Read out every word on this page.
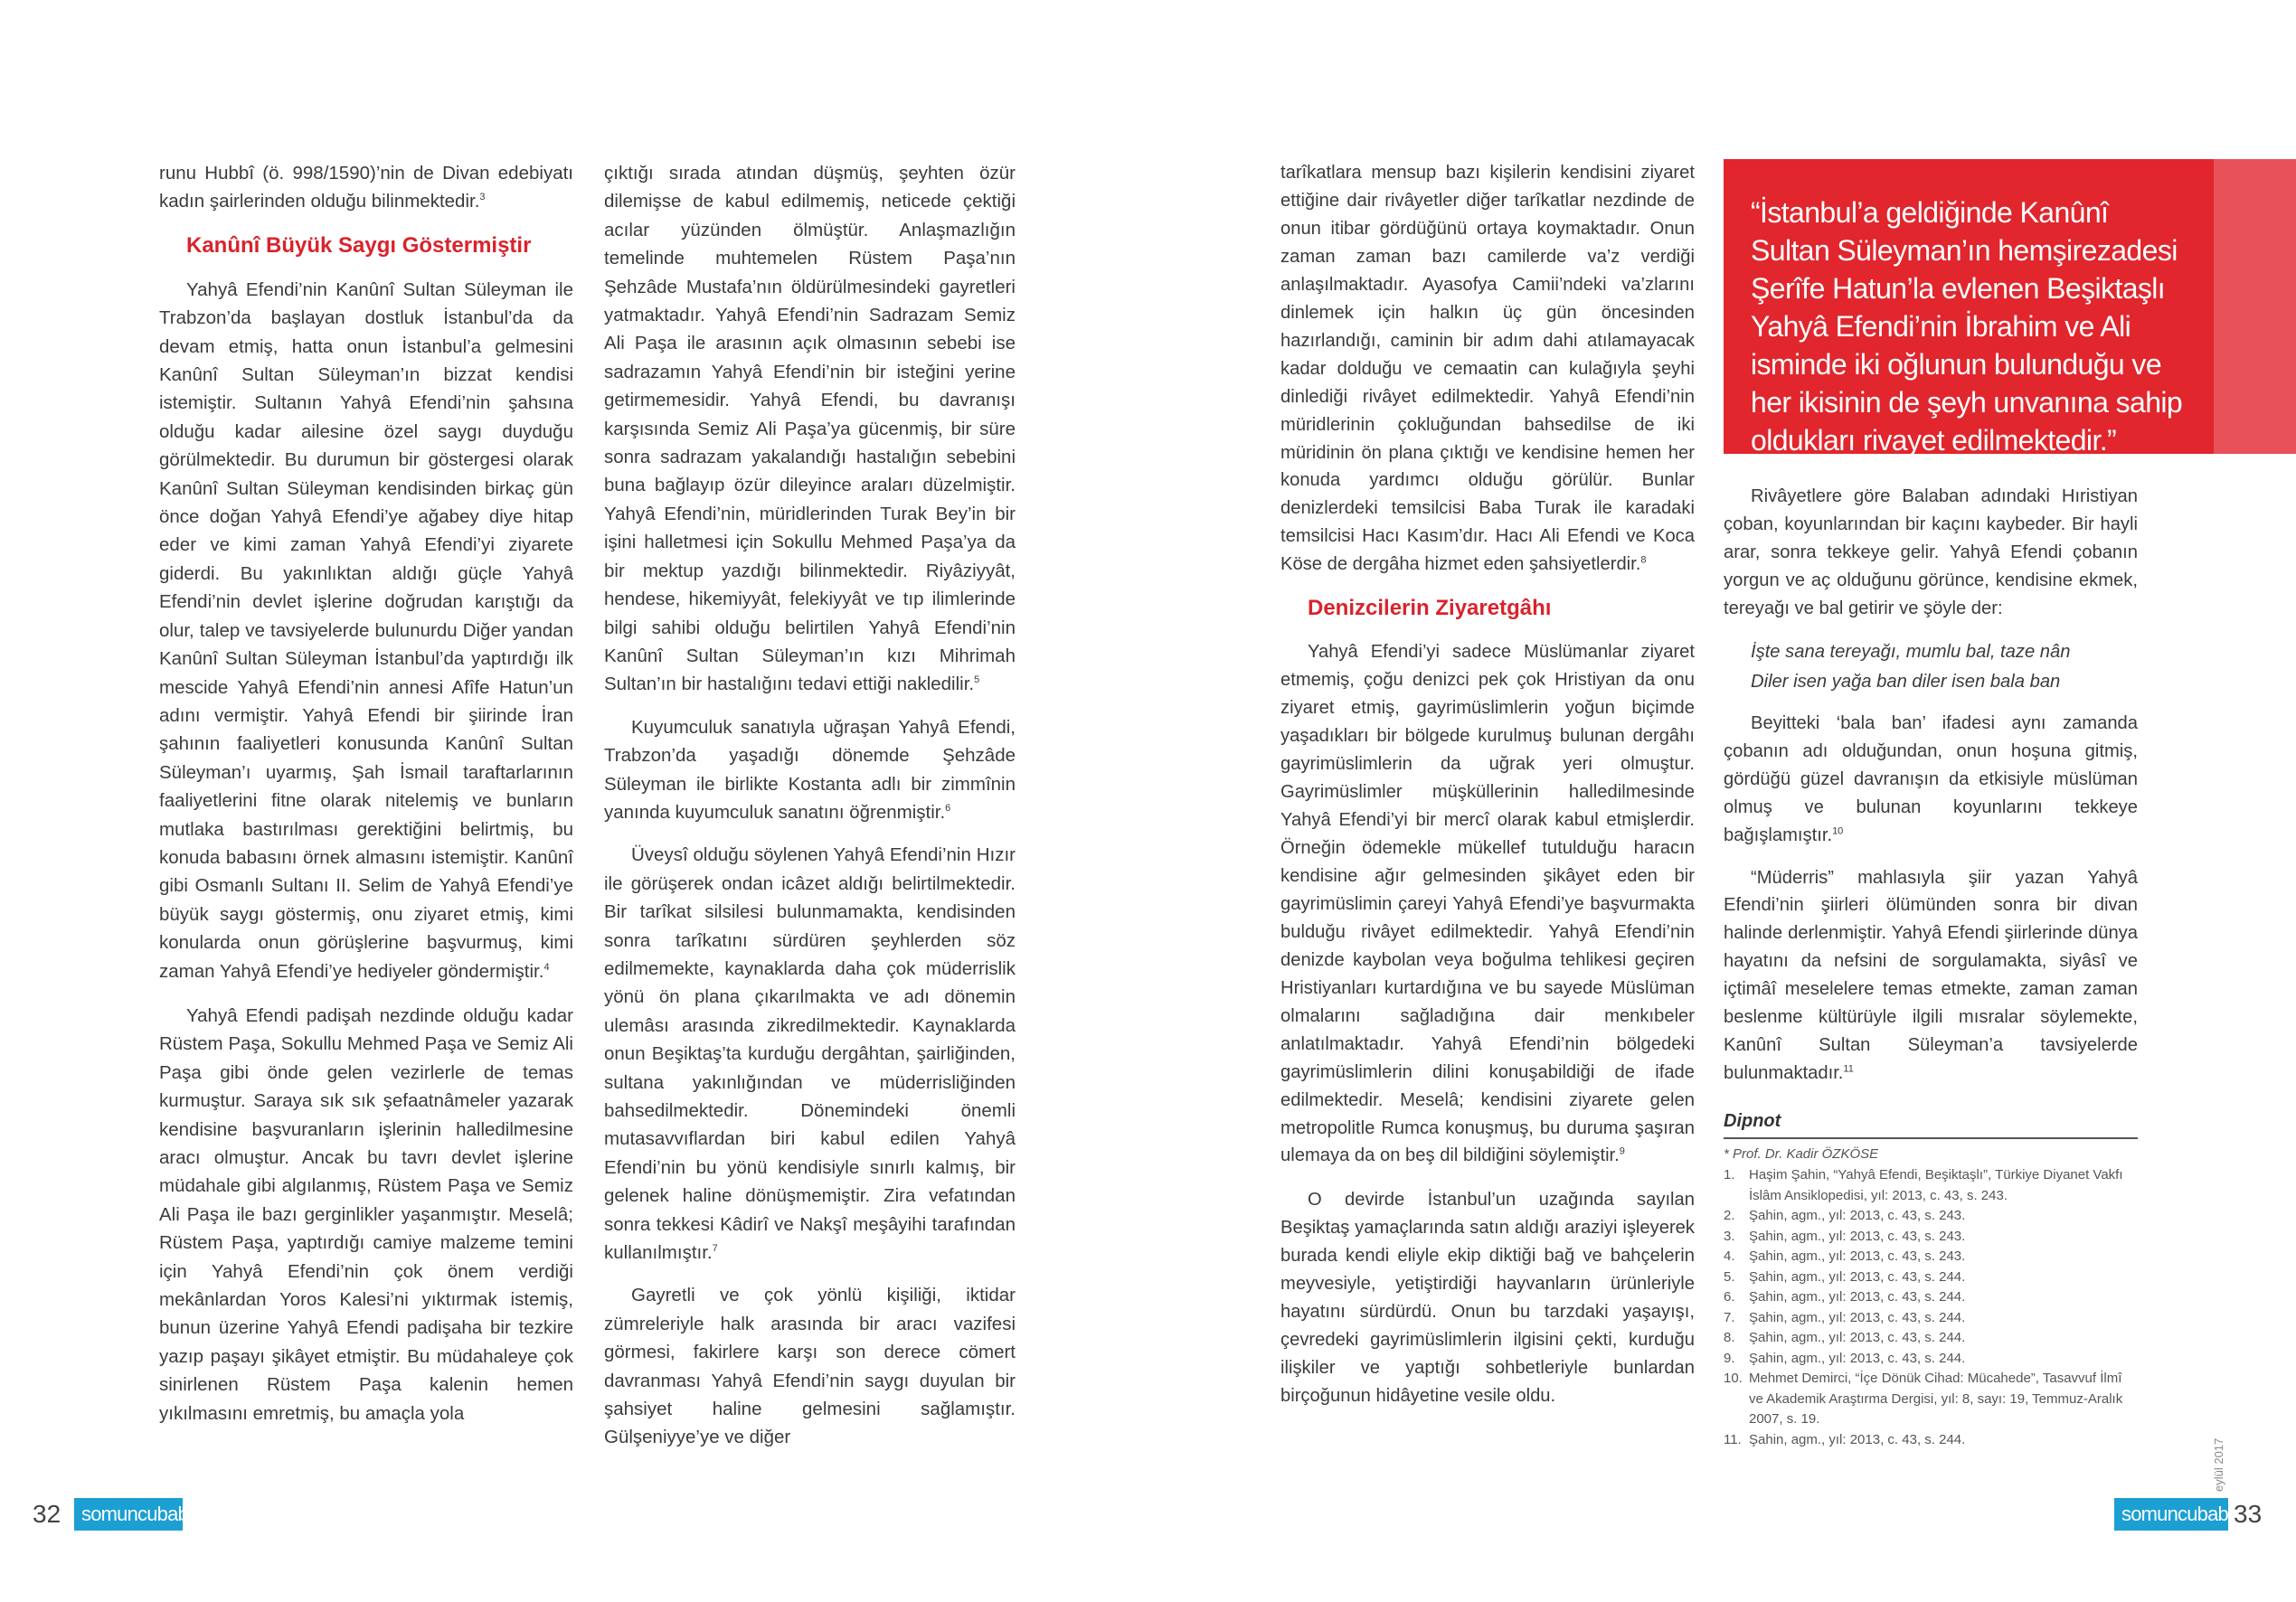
runu Hubbî (ö. 998/1590)’nin de Divan edebiyatı kadın şairlerinden olduğu bilinmektedir.$^3$

Kanûnî Büyük Saygı Göstermiştir

Yahyâ Efendi’nin Kanûnî Sultan Süleyman ile Trabzon’da başlayan dostluk İstanbul’da da devam etmiş, hatta onun İstanbul’a gelmesini Kanûnî Sultan Süleyman’ın bizzat kendisi istemiştir. Sultanın Yahyâ Efendi’nin şahsına olduğu kadar ailesine özel saygı duyduğu görülmektedir. Bu durumun bir göstergesi olarak Kanûnî Sultan Süleyman kendisinden birkaç gün önce doğan Yahyâ Efendi’ye ağabey diye hitap eder ve kimi zaman Yahyâ Efendi’yi ziyarete giderdi. Bu yakınlıktan aldığı güçle Yahyâ Efendi’nin devlet işlerine doğrudan karıştığı da olur, talep ve tavsiyelerde bulunurdu Diğer yandan Kanûnî Sultan Süleyman İstanbul’da yaptırdığı ilk mescide Yahyâ Efendi’nin annesi Afîfe Hatun’un adını vermiştir. Yahyâ Efendi bir şiirinde İran şahının faaliyetleri konusunda Kanûnî Sultan Süleyman’ı uyarmış, Şah İsmail taraftarlarının faaliyetlerini fitne olarak nitelemiş ve bunların mutlaka bastırılması gerektiğini belirtmiş, bu konuda babasını örnek almasını istemiştir. Kanûnî gibi Osmanlı Sultanı II. Selim de Yahyâ Efendi’ye büyük saygı göstermiş, onu ziyaret etmiş, kimi konularda onun görüşlerine başvurmuş, kimi zaman Yahyâ Efendi’ye hediyeler göndermiştir.$^4$

Yahyâ Efendi padişah nezdinde olduğu kadar Rüstem Paşa, Sokullu Mehmed Paşa ve Semiz Ali Paşa gibi önde gelen vezirlerle de temas kurmuştur. Saraya sık sık şefaatnâmeler yazarak kendisine başvuranların işlerinin halledilmesine aracı olmuştur. Ancak bu tavrı devlet işlerine müdahale gibi algılanmış, Rüstem Paşa ve Semiz Ali Paşa ile bazı gerginlikler yaşanmıştır. Meselâ; Rüstem Paşa, yaptırdığı camiye malzeme temini için Yahyâ Efendi’nin çok önem verdiği mekânlardan Yoros Kalesi’ni yıktırmak istemiş, bunun üzerine Yahyâ Efendi padişaha bir tezkire yazıp paşayı şikâyet etmiştir. Bu müdahaleye çok sinirlenen Rüstem Paşa kalenin hemen yıkılmasını emretmiş, bu amaçla yola

çıktığı sırada atından düşmüş, şeyhten özür dilemişse de kabul edilmemiş, neticede çektiği acılar yüzünden ölmüştür. Anlaşmazlığın temelinde muhtemelen Rüstem Paşa’nın Şehzâde Mustafa’nın öldürülmesindeki gayretleri yatmaktadır. Yahyâ Efendi’nin Sadrazam Semiz Ali Paşa ile arasının açık olmasının sebebi ise sadrazamın Yahyâ Efendi’nin bir isteğini yerine getirmemesidir. Yahyâ Efendi, bu davranışı karşısında Semiz Ali Paşa’ya gücenmiş, bir süre sonra sadrazam yakalandığı hastalığın sebebini buna bağlayıp özür dileyince araları düzelmiştir. Yahyâ Efendi’nin, müridlerinden Turak Bey’in bir işini halletmesi için Sokullu Mehmed Paşa’ya da bir mektup yazdığı bilinmektedir. Riyâziyyât, hendese, hikemiyyât, felekiyyât ve tıp ilimlerinde bilgi sahibi olduğu belirtilen Yahyâ Efendi’nin Kanûnî Sultan Süleyman’ın kızı Mihrimah Sultan’ın bir hastalığını tedavi ettiği nakledilir.$^5$

Kuyumculuk sanatıyla uğraşan Yahyâ Efendi, Trabzon’da yaşadığı dönemde Şehzâde Süleyman ile birlikte Kostanta adlı bir zimmînin yanında kuyumculuk sanatını öğrenmiştir.$^6$

Üveysî olduğu söylenen Yahyâ Efendi’nin Hızır ile görüşerek ondan icâzet aldığı belirtilmektedir. Bir tarîkat silsilesi bulunmamakta, kendisinden sonra tarîkatını sürdüren şeyhlerden söz edilmemekte, kaynaklarda daha çok müderrislik yönü ön plana çıkarılmakta ve adı dönemin ulemâsı arasında zikredilmektedir. Kaynaklarda onun Beşiktaş’ta kurduğu dergâhtan, şairliğinden, sultana yakınlığından ve müderrisliğinden bahsedilmektedir. Dönemindeki önemli mutasavvıflardan biri kabul edilen Yahyâ Efendi’nin bu yönü kendisiyle sınırlı kalmış, bir gelenek haline dönüşmemiştir. Zira vefatından sonra tekkesi Kâdirî ve Nakşî meşâyihi tarafından kullanılmıştır.$^7$

Gayretli ve çok yönlü kişiliği, iktidar zümreleriyle halk arasında bir aracı vazifesi görmesi, fakirlere karşı son derece cömert davranması Yahyâ Efendi’nin saygı duyulan bir şahsiyet haline gelmesini sağlamıştır. Gülşeniyye’ye ve diğer

tarîkatlara mensup bazı kişilerin kendisini ziyaret ettiğine dair rivâyetler diğer tarîkatlar nezdinde de onun itibar gördüğünü ortaya koymaktadır. Onun zaman zaman bazı camilerde va’z verdiği anlaşılmaktadır. Ayasofya Camii’ndeki va’zlarını dinlemek için halkın üç gün öncesinden hazırlandığı, caminin bir adım dahi atılamayacak kadar dolduğu ve cemaatin can kulağıyla şeyhi dinlediği rivâyet edilmektedir. Yahyâ Efendi’nin müridlerinin çokluğundan bahsedilse de iki müridinin ön plana çıktığı ve kendisine hemen her konuda yardımcı olduğu görülür. Bunlar denizlerdeki temsilcisi Baba Turak ile karadaki temsilcisi Hacı Kasım’dır. Hacı Ali Efendi ve Koca Köse de dergâha hizmet eden şahsiyetlerdir.$^8$

Denizcilerin Ziyaretgâhı

Yahyâ Efendi’yi sadece Müslümanlar ziyaret etmemiş, çoğu denizci pek çok Hristiyan da onu ziyaret etmiş, gayrimüslimlerin yoğun biçimde yaşadıkları bir bölgede kurulmuş bulunan dergâhı gayrimüslimlerin da uğrak yeri olmuştur. Gayrimüslimler müşküllerinin halledilmesinde Yahyâ Efendi’yi bir mercî olarak kabul etmişlerdir. Örneğin ödemekle mükellef tutulduğu haracın kendisine ağır gelmesinden şikâyet eden bir gayrimüslimin çareyi Yahyâ Efendi’ye başvurmakta bulduğu rivâyet edilmektedir. Yahyâ Efendi’nin denizde kaybolan veya boğulma tehlikesi geçiren Hristiyanları kurtardığına ve bu sayede Müslüman olmalarını sağladığına dair menkıbeler anlatılmaktadır. Yahyâ Efendi’nin bölgedeki gayrimüslimlerin dilini konuşabildiği de ifade edilmektedir. Meselâ; kendisini ziyarete gelen metropolitle Rumca konuşmuş, bu duruma şaşıran ulemaya da on beş dil bildiğini söylemiştir.$^9$

O devirde İstanbul’un uzağında sayılan Beşiktaş yamaçlarında satın aldığı araziyi işleyerek burada kendi eliyle ekip diktiği bağ ve bahçelerin meyvesiyle, yetiştirdiği hayvanların ürünleriyle hayatını sürdürdü. Onun bu tarzdaki yaşayışı, çevredeki gayrimüslimlerin ilgisini çekti, kurduğu ilişkiler ve yaptığı sohbetleriyle bunlardan birçoğunun hidâyetine vesile oldu.

“İstanbul’a geldiğinde Kanûnî Sultan Süleyman’ın hemşirezadesi Şerîfe Hatun’la evlenen Beşiktaşlı Yahyâ Efendi’nin İbrahim ve Ali isminde iki oğlunun bulunduğu ve her ikisinin de şeyh unvanına sahip oldukları rivayet edilmektedir.”

Rivâyetlere göre Balaban adındaki Hıristiyan çoban, koyunlarından bir kaçını kaybeder. Bir hayli arar, sonra tekkeye gelir. Yahyâ Efendi çobanın yorgun ve aç olduğunu görünce, kendisine ekmek, tereyağı ve bal getirir ve şöyle der:

İşte sana tereyağı, mumlu bal, taze nân
Diler isen yağa ban diler isen bala ban

Beyitteki ‘bala ban’ ifadesi aynı zamanda çobanın adı olduğundan, onun hoşuna gitmiş, gördüğü güzel davranışın da etkisiyle müslüman olmuş ve bulunan koyunlarını tekkeye bağışlamıştır.$^{10}$

“Müderris” mahlasıyla şiir yazan Yahyâ Efendi’nin şiirleri ölümünden sonra bir divan halinde derlenmiştir. Yahyâ Efendi şiirlerinde dünya hayatını da nefsini de sorgulamakta, siyâsî ve içtimâî meselelere temas etmekte, zaman zaman beslenme kültürüyle ilgili mısralar söylemekte, Kanûnî Sultan Süleyman’a tavsiyelerde bulunmaktadır.$^{11}$

Dipnot
* Prof. Dr. Kadir ÖZKÖSE
1.	Haşim Şahin, “Yahyâ Efendi, Beşiktaşlı”, Türkiye Diyanet Vakfı İslâm Ansiklopedisi, yıl: 2013, c. 43, s. 243.
2.	Şahin, agm., yıl: 2013, c. 43, s. 243.
3.	Şahin, agm., yıl: 2013, c. 43, s. 243.
4.	Şahin, agm., yıl: 2013, c. 43, s. 243.
5.	Şahin, agm., yıl: 2013, c. 43, s. 244.
6.	Şahin, agm., yıl: 2013, c. 43, s. 244.
7.	Şahin, agm., yıl: 2013, c. 43, s. 244.
8.	Şahin, agm., yıl: 2013, c. 43, s. 244.
9.	Şahin, agm., yıl: 2013, c. 43, s. 244.
10. Mehmet Demirci, “İçe Dönük Cihad: Mücahede”, Tasavvuf İlmî ve Akademik Araştırma Dergisi, yıl: 8, sayı: 19, Temmuz-Aralık 2007, s. 19.
11. Şahin, agm., yıl: 2013, c. 43, s. 244.
32	somuncubaba	somuncubaba
33
eylül 2017
